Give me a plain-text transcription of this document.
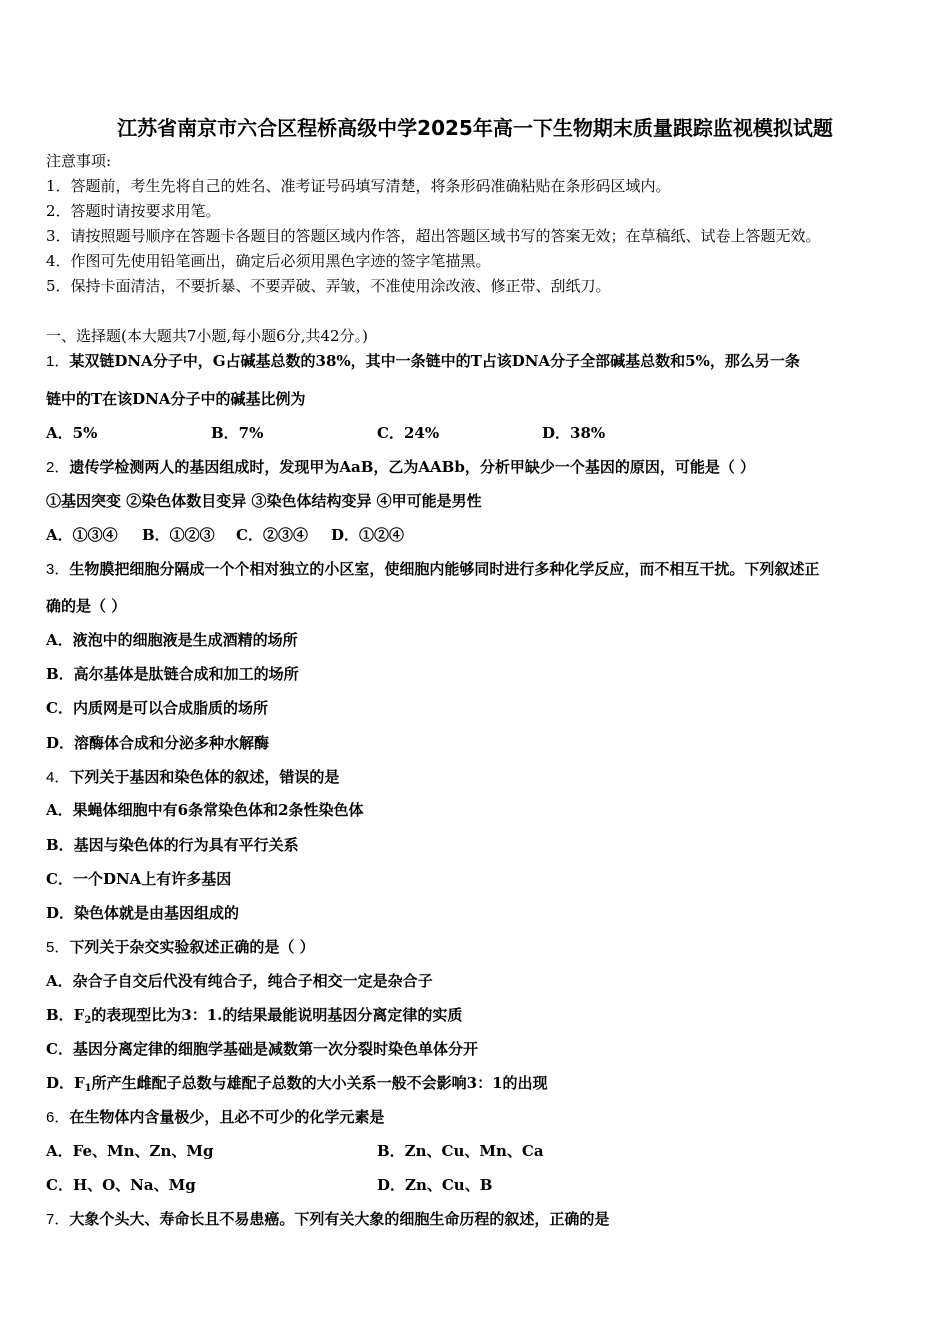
江苏省南京市六合区程桥高级中学2025年高一下生物期末质量跟踪监视模拟试题
注意事项:
1．答题前，考生先将自己的姓名、准考证号码填写清楚，将条形码准确粘贴在条形码区域内。
2．答题时请按要求用笔。
3．请按照题号顺序在答题卡各题目的答题区域内作答，超出答题区域书写的答案无效；在草稿纸、试卷上答题无效。
4．作图可先使用铅笔画出，确定后必须用黑色字迹的签字笔描黑。
5．保持卡面清洁，不要折暴、不要弄破、弄皱，不准使用涂改液、修正带、刮纸刀。
一、选择题(本大题共7小题,每小题6分,共42分。)
1．某双链DNA分子中，G占碱基总数的38%，其中一条链中的T占该DNA分子全部碱基总数和5%，那么另一条
链中的T在该DNA分子中的碱基比例为
A．5%	B．7%	C．24%	D．38%
2．遗传学检测两人的基因组成时，发现甲为AaB，乙为AABb，分析甲缺少一个基因的原因，可能是（ ）
①基因突变 ②染色体数目变异 ③染色体结构变异 ④甲可能是男性
A．①③④ B．①②③ C．②③④ D．①②④
3．生物膜把细胞分隔成一个个相对独立的小区室，使细胞内能够同时进行多种化学反应，而不相互干扰。下列叙述正
确的是（ ）
A．液泡中的细胞液是生成酒精的场所
B．高尔基体是肽链合成和加工的场所
C．内质网是可以合成脂质的场所
D．溶酶体合成和分泌多种水解酶
4．下列关于基因和染色体的叙述，错误的是
A．果蝇体细胞中有6条常染色体和2条性染色体
B．基因与染色体的行为具有平行关系
C．一个DNA上有许多基因
D．染色体就是由基因组成的
5．下列关于杂交实验叙述正确的是（ ）
A．杂合子自交后代没有纯合子，纯合子相交一定是杂合子
B．$F_2$的表现型比为3：1.的结果最能说明基因分离定律的实质
C．基因分离定律的细胞学基础是减数第一次分裂时染色单体分开
D．$F_1$所产生雌配子总数与雄配子总数的大小关系一般不会影响3：1的出现
6．在生物体内含量极少，且必不可少的化学元素是
A．Fe、Mn、Zn、Mg	B．Zn、Cu、Mn、Ca
C．H、O、Na、Mg	D．Zn、Cu、B
7．大象个头大、寿命长且不易患癌。下列有关大象的细胞生命历程的叙述，正确的是
